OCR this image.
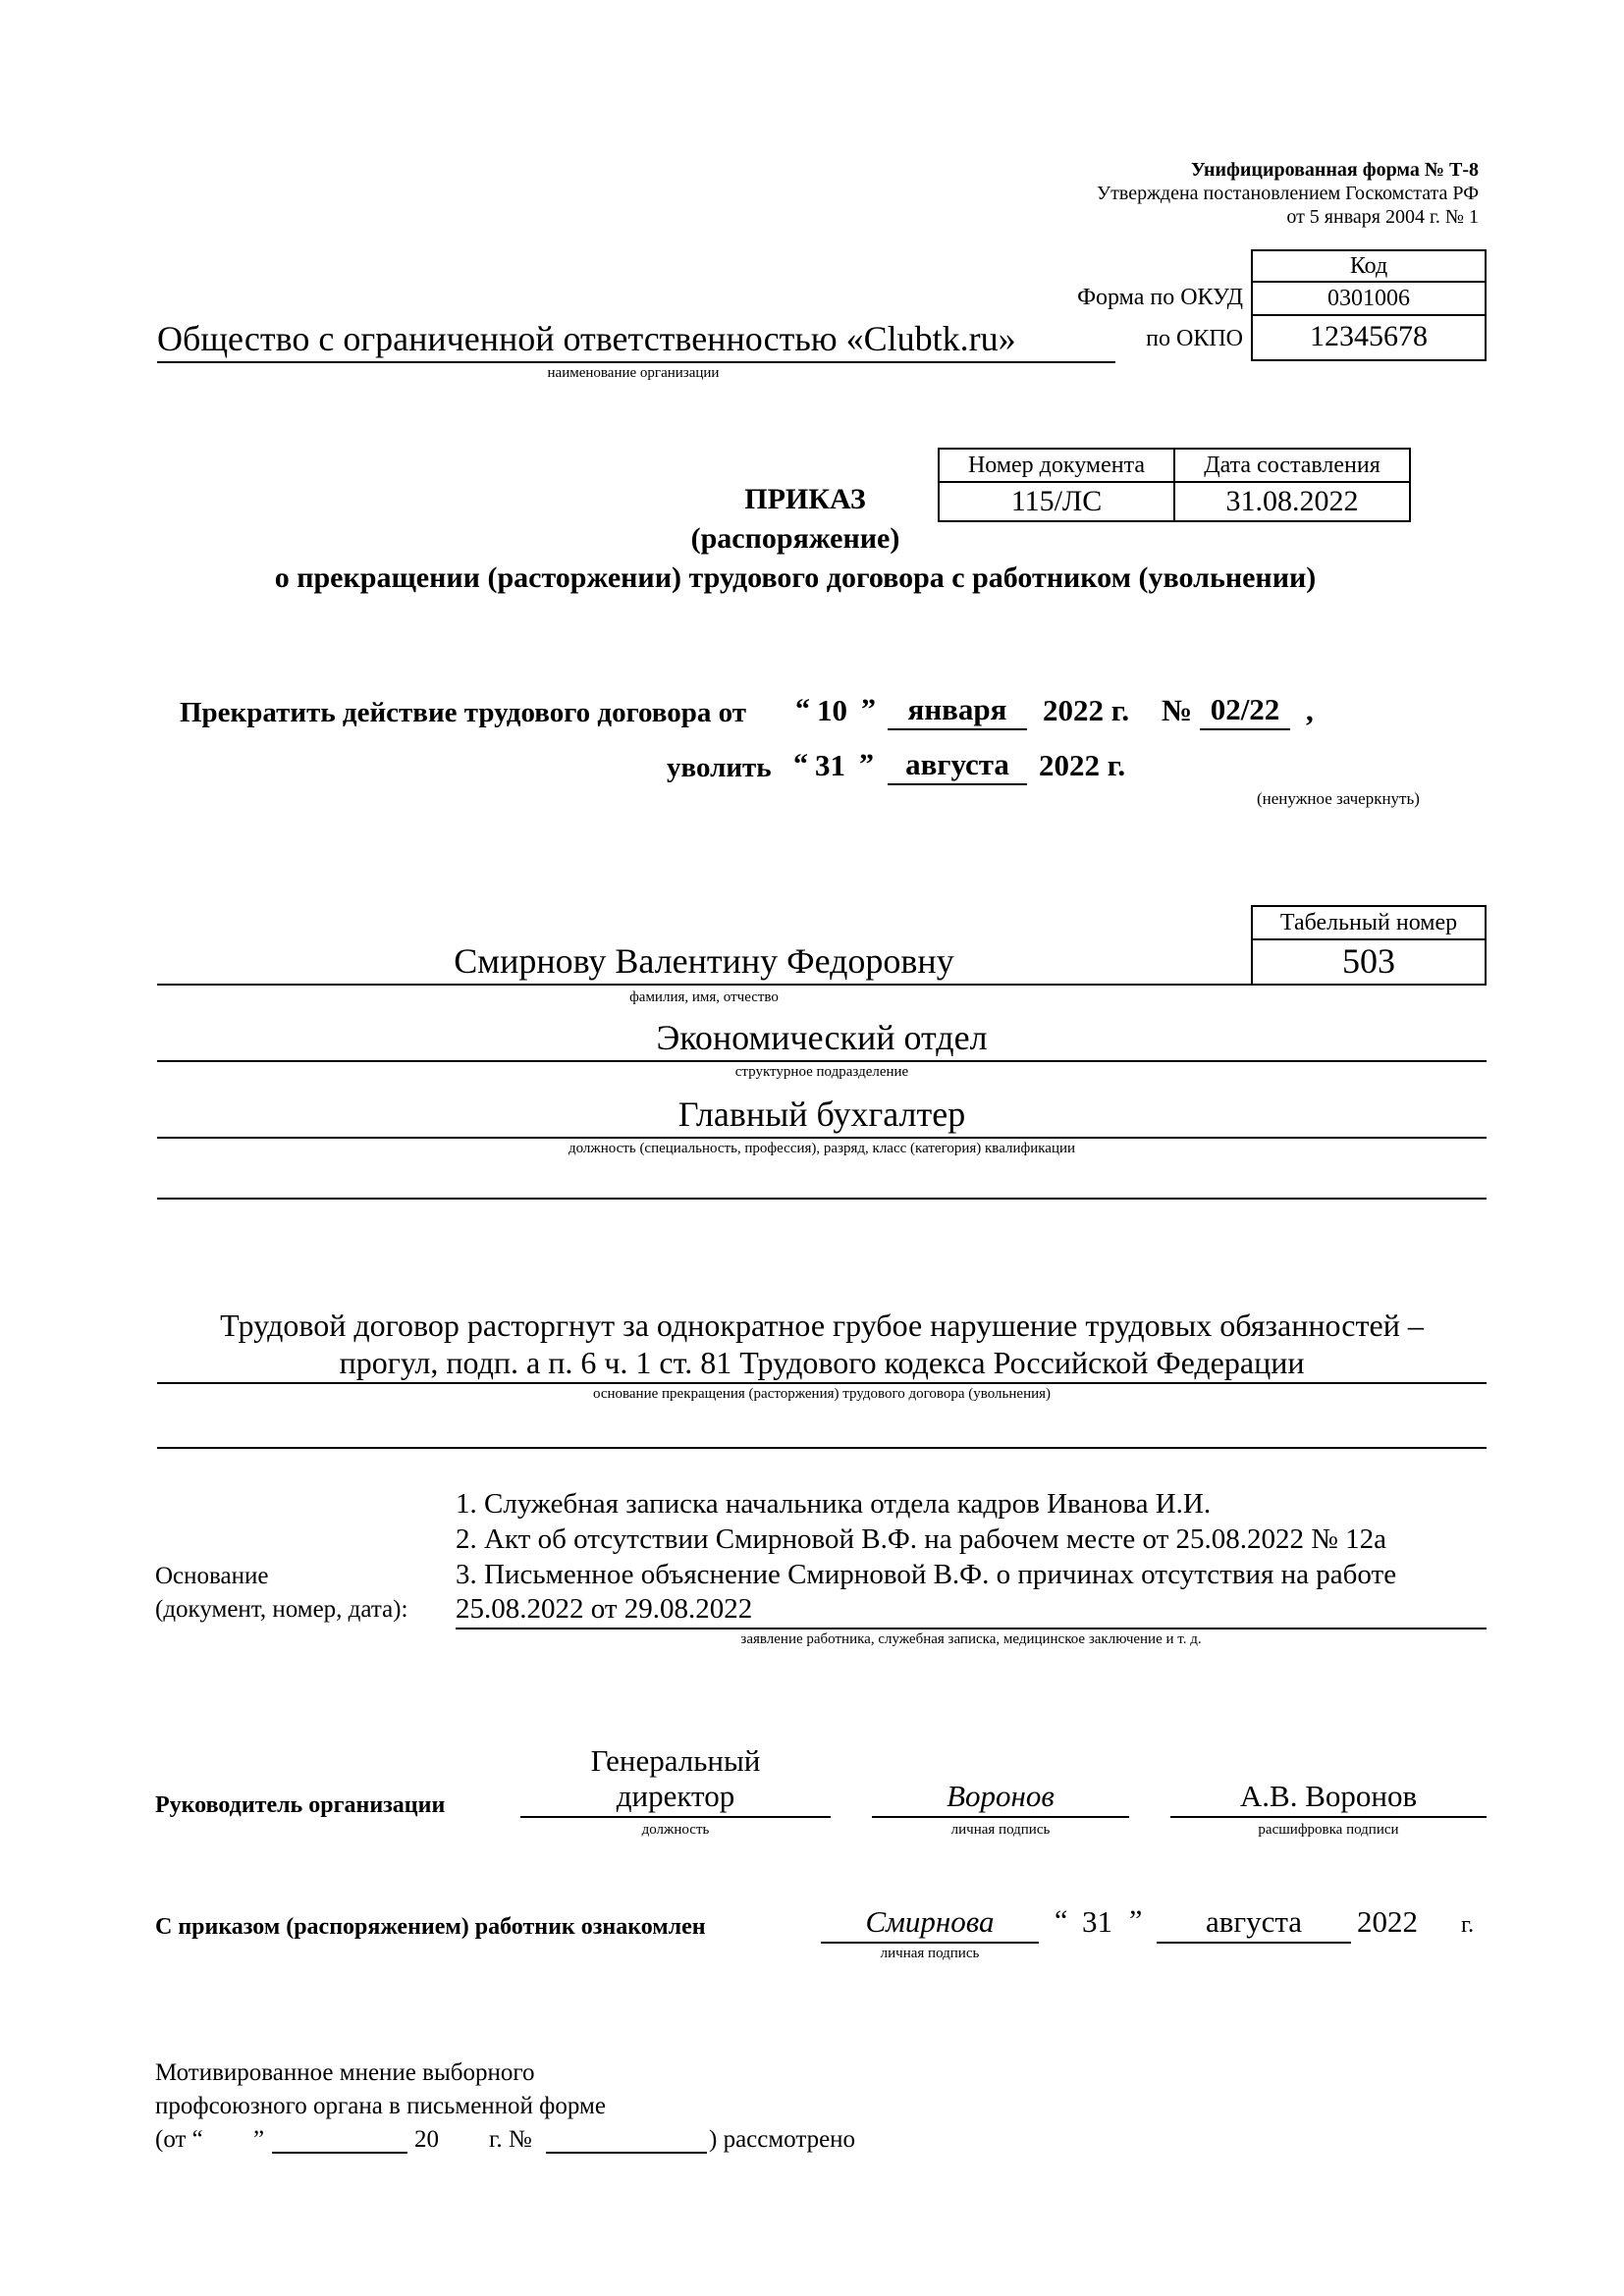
Унифицированная форма № Т-8
Утверждена постановлением Госкомстата РФ
от 5 января 2004 г. № 1
Код
0301006
12345678
Форма по ОКУД
по ОКПО
Общество с ограниченной ответственностью «Clubtk.ru»
наименование организации
Номер документа	Дата составления
115/ЛС	31.08.2022
ПРИКАЗ
(распоряжение)
о прекращении (расторжении) трудового договора с работником (увольнении)
Прекратить действие трудового договора от “ 10 ”	января	2022 г. № 02/22 ,
уволить “ 31 ”	августа 2022 г.
(ненужное зачеркнуть)
Табельный номер
503
Смирнову Валентину Федоровну
фамилия, имя, отчество
Экономический отдел
структурное подразделение
Главный бухгалтер
должность (специальность, профессия), разряд, класс (категория) квалификации
Трудовой договор расторгнут за однократное грубое нарушение трудовых обязанностей –
прогул, подп. а п. 6 ч. 1 ст. 81 Трудового кодекса Российской Федерации
основание прекращения (расторжения) трудового договора (увольнения)
1. Служебная записка начальника отдела кадров Иванова И.И.
2. Акт об отсутствии Смирновой В.Ф. на рабочем месте от 25.08.2022 № 12а
3. Письменное объяснение Смирновой В.Ф. о причинах отсутствия на работе
25.08.2022 от 29.08.2022
Основание
(документ, номер, дата):
заявление работника, служебная записка, медицинское заключение и т. д.
Руководитель организации
Генеральный
директор
должность
Воронов
личная подпись
А.В. Воронов
расшифровка подписи
С приказом (распоряжением) работник ознакомлен	Смирнова
личная подпись
“ 31 ”	августа	2022 г.
Мотивированное мнение выборного
профсоюзного органа в письменной форме
(от “ ”	20 г. №	) рассмотрено
